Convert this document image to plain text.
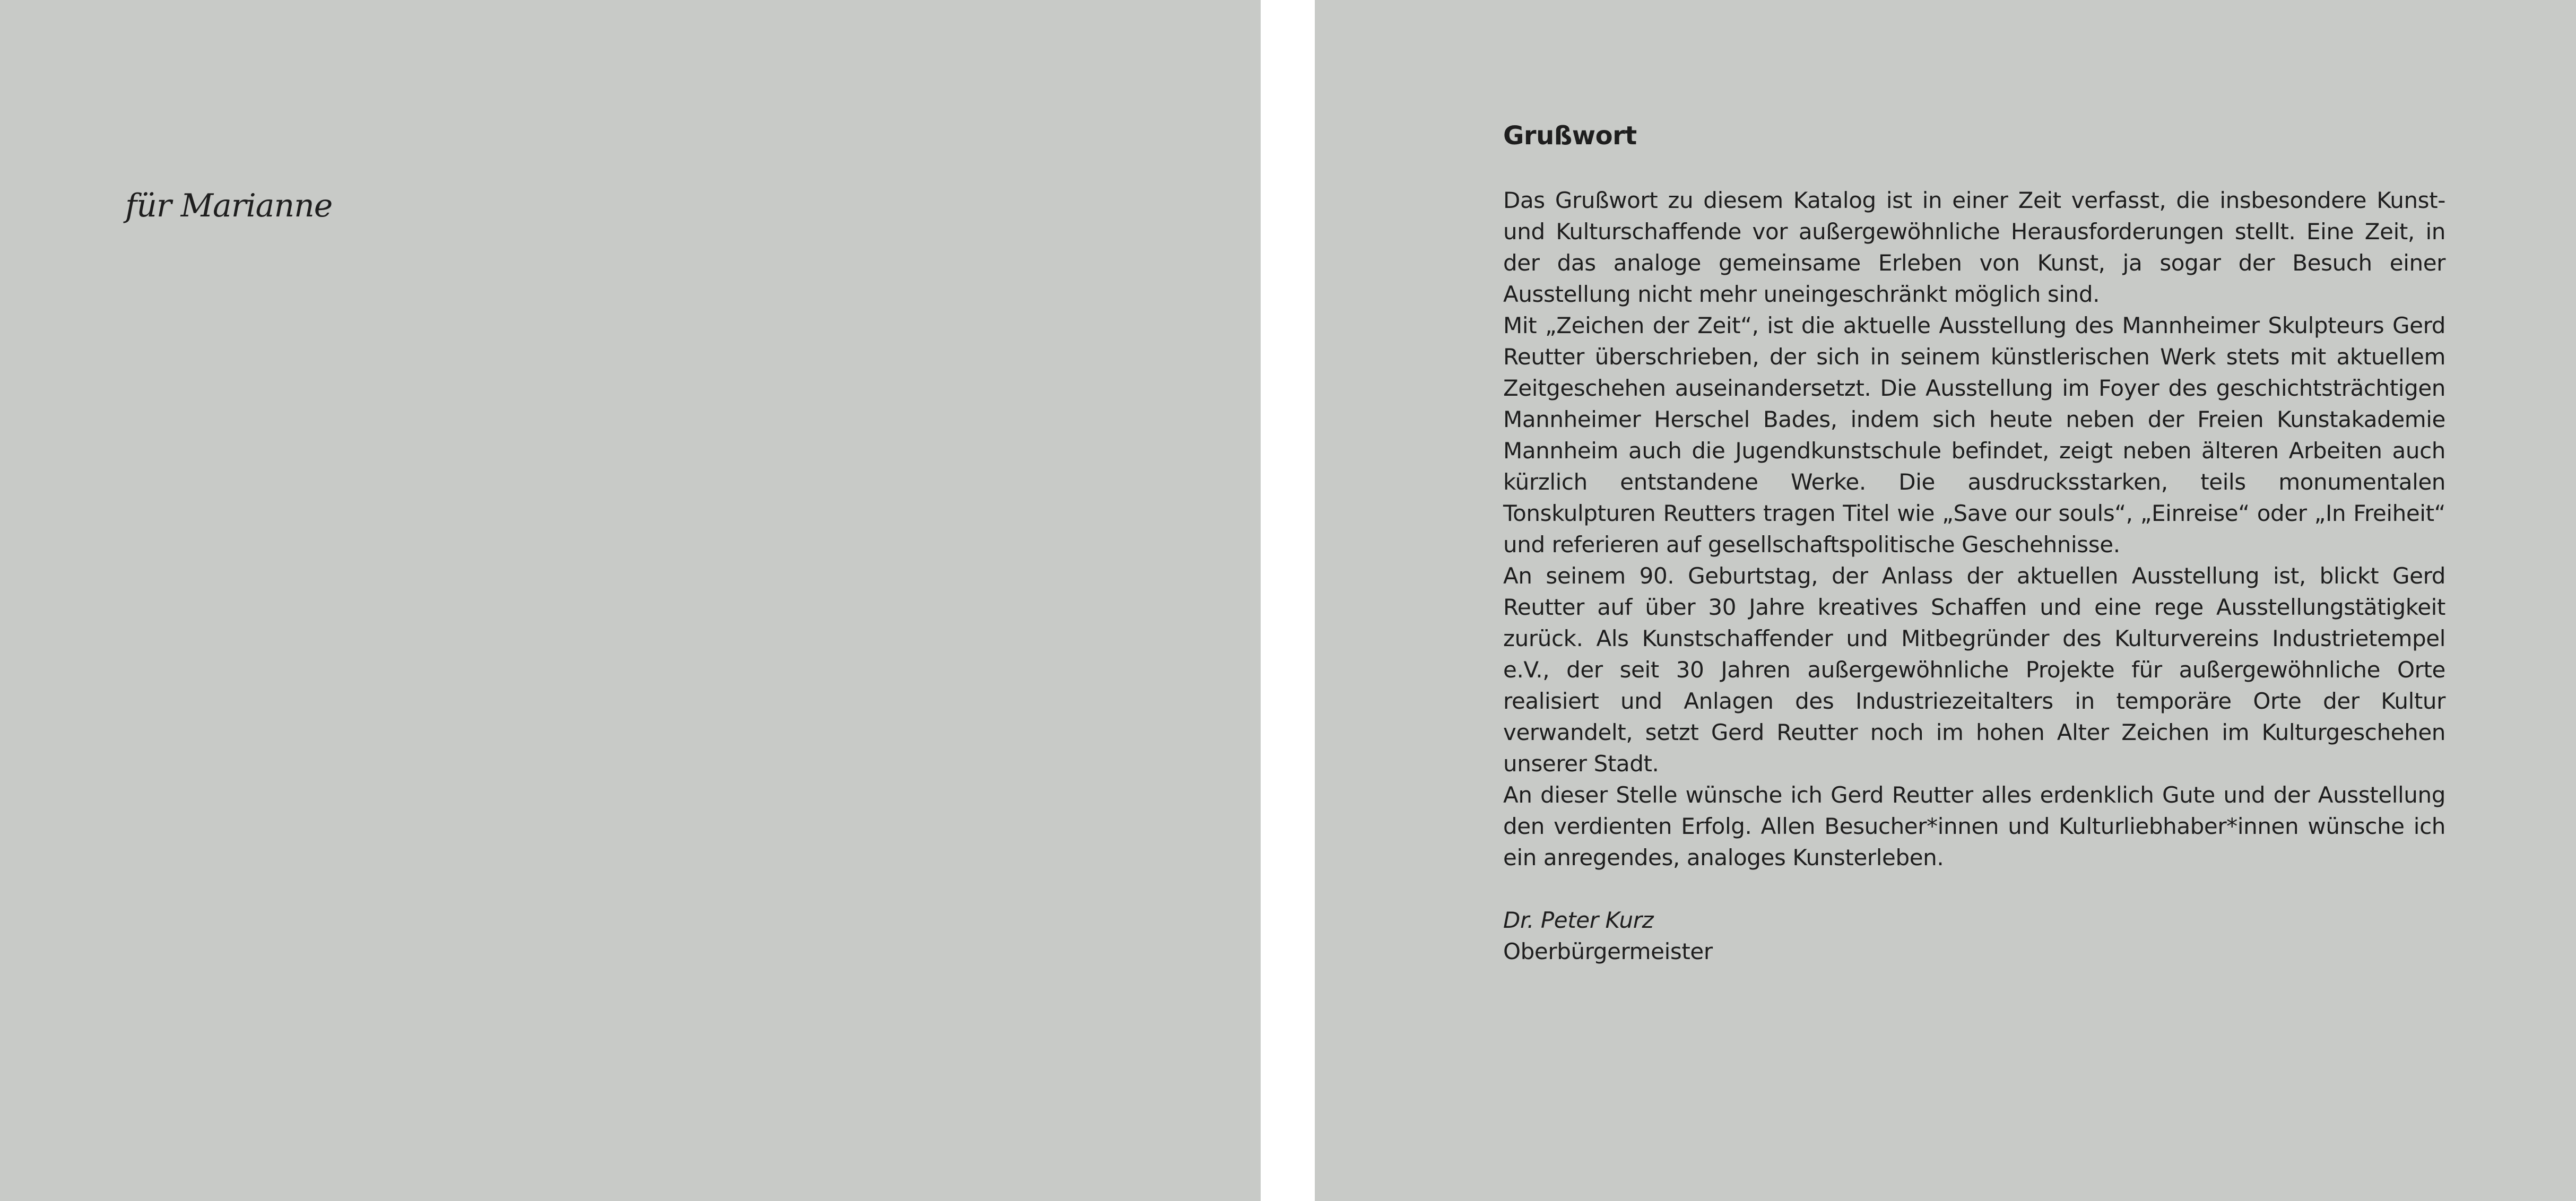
für Marianne

Grußwort

Das Grußwort zu diesem Katalog ist in einer Zeit verfasst, die insbesondere Kunst- und Kulturschaffende vor außergewöhnliche Herausforderungen stellt. Eine Zeit, in der das analoge gemeinsame Erleben von Kunst, ja sogar der Besuch einer Ausstellung nicht mehr uneingeschränkt möglich sind.

Mit „Zeichen der Zeit“, ist die aktuelle Ausstellung des Mannheimer Skulpteurs Gerd Reutter überschrieben, der sich in seinem künstlerischen Werk stets mit aktuellem Zeitgeschehen auseinandersetzt. Die Ausstellung im Foyer des geschichtsträchtigen Mannheimer Herschel Bades, indem sich heute neben der Freien Kunstakademie Mannheim auch die Jugendkunstschule befindet, zeigt neben älteren Arbeiten auch kürzlich entstandene Werke. Die ausdrucksstarken, teils monumentalen Tonskulpturen Reutters tragen Titel wie „Save our souls“, „Einreise“ oder „In Freiheit“ und referieren auf gesellschaftspolitische Geschehnisse.

An seinem 90. Geburtstag, der Anlass der aktuellen Ausstellung ist, blickt Gerd Reutter auf über 30 Jahre kreatives Schaffen und eine rege Ausstellungstätigkeit zurück. Als Kunstschaffender und Mitbegründer des Kulturvereins Industrietempel e.V., der seit 30 Jahren außergewöhnliche Projekte für außergewöhnliche Orte realisiert und Anlagen des Industriezeitalters in temporäre Orte der Kultur verwandelt, setzt Gerd Reutter noch im hohen Alter Zeichen im Kulturgeschehen unserer Stadt.

An dieser Stelle wünsche ich Gerd Reutter alles erdenklich Gute und der Ausstellung den verdienten Erfolg. Allen Besucher*innen und Kulturliebhaber*innen wünsche ich ein anregendes, analoges Kunsterleben.

Dr. Peter Kurz
Oberbürgermeister
